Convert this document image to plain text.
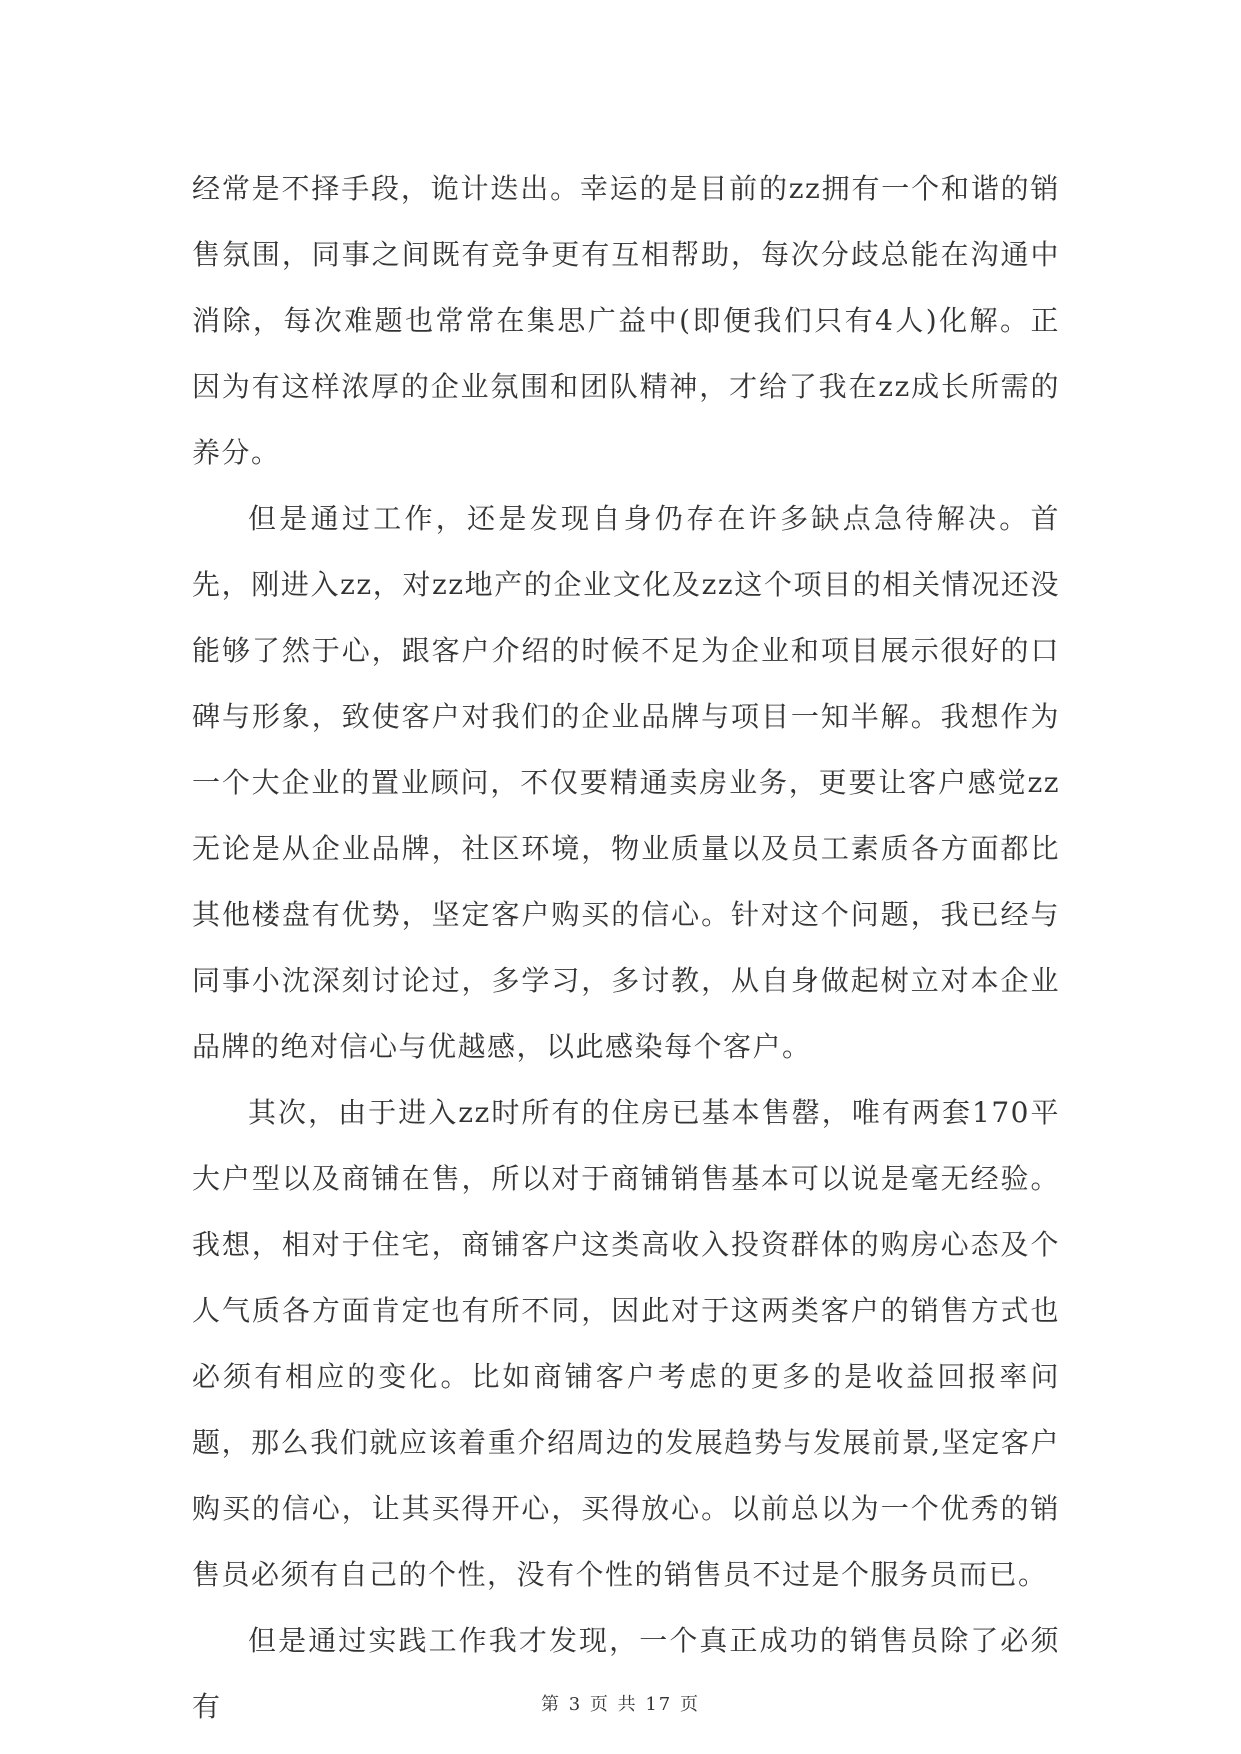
经常是不择手段，诡计迭出。幸运的是目前的zz拥有一个和谐的销售氛围，同事之间既有竞争更有互相帮助，每次分歧总能在沟通中消除，每次难题也常常在集思广益中(即便我们只有4人)化解。正因为有这样浓厚的企业氛围和团队精神，才给了我在zz成长所需的养分。

但是通过工作，还是发现自身仍存在许多缺点急待解决。首先，刚进入zz，对zz地产的企业文化及zz这个项目的相关情况还没能够了然于心，跟客户介绍的时候不足为企业和项目展示很好的口碑与形象，致使客户对我们的企业品牌与项目一知半解。我想作为一个大企业的置业顾问，不仅要精通卖房业务，更要让客户感觉zz无论是从企业品牌，社区环境，物业质量以及员工素质各方面都比其他楼盘有优势，坚定客户购买的信心。针对这个问题，我已经与同事小沈深刻讨论过，多学习，多讨教，从自身做起树立对本企业品牌的绝对信心与优越感，以此感染每个客户。

其次，由于进入zz时所有的住房已基本售罄，唯有两套170平大户型以及商铺在售，所以对于商铺销售基本可以说是毫无经验。我想，相对于住宅，商铺客户这类高收入投资群体的购房心态及个人气质各方面肯定也有所不同，因此对于这两类客户的销售方式也必须有相应的变化。比如商铺客户考虑的更多的是收益回报率问题，那么我们就应该着重介绍周边的发展趋势与发展前景,坚定客户购买的信心，让其买得开心，买得放心。以前总以为一个优秀的销售员必须有自己的个性，没有个性的销售员不过是个服务员而已。

但是通过实践工作我才发现，一个真正成功的销售员除了必须有	第 3 页 共 17 页
